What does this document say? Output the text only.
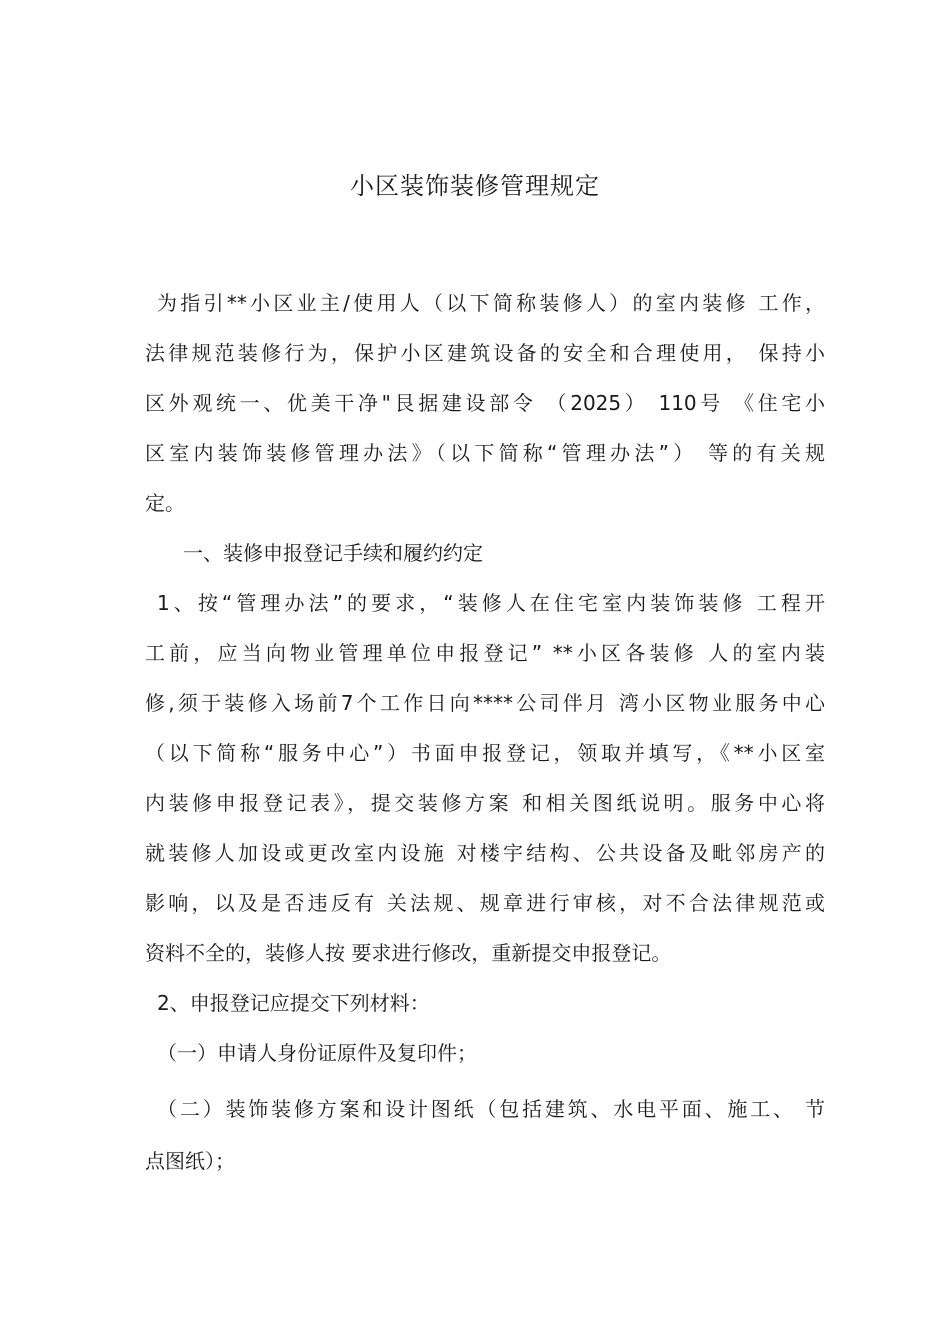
小区装饰装修管理规定
为指引**小区业主/使用人（以下简称装修人）的室内装修 工作，
法律规范装修行为，保护小区建筑设备的安全和合理使用， 保持小
区外观统一、优美干净"艮据建设部令 （2025） 110号 《住宅小
区室内装饰装修管理办法》（以下简称“管理办法”） 等的有关规
定。
一、装修申报登记手续和履约约定
1、按“管理办法”的要求，“装修人在住宅室内装饰装修 工程开
工前，应当向物业管理单位申报登记” **小区各装修 人的室内装
修,须于装修入场前7个工作日向****公司伴月 湾小区物业服务中心
（以下简称“服务中心”）书面申报登记，领取并填写，《**小区室
内装修申报登记表》，提交装修方案 和相关图纸说明。服务中心将
就装修人加设或更改室内设施 对楼宇结构、公共设备及毗邻房产的
影响，以及是否违反有 关法规、规章进行审核，对不合法律规范或
资料不全的，装修人按 要求进行修改，重新提交申报登记。
2、申报登记应提交下列材料：
（一）申请人身份证原件及复印件；
（二）装饰装修方案和设计图纸（包括建筑、水电平面、施工、 节
点图纸）；
